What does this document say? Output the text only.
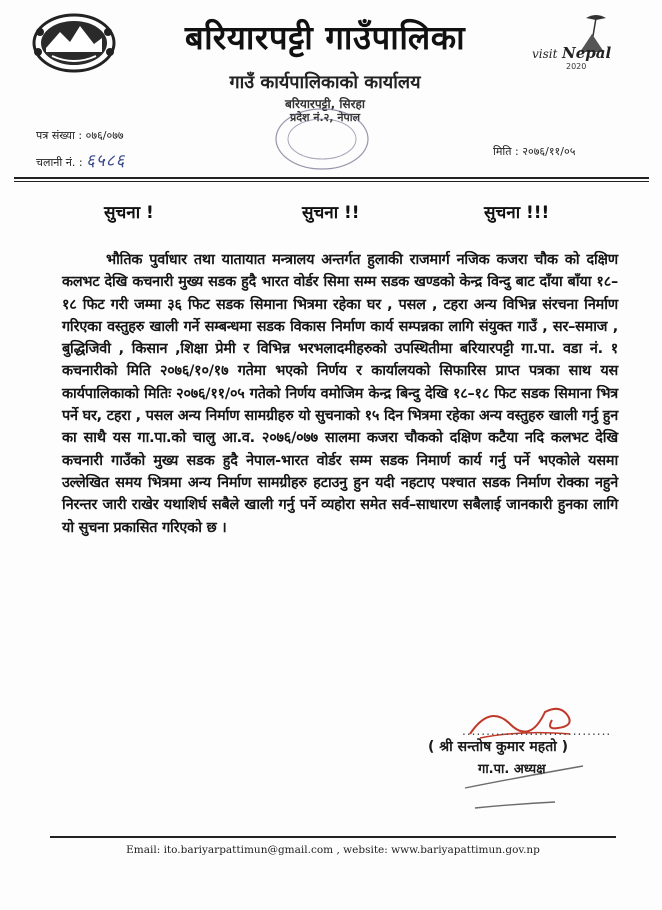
बरियारपट्टी गाउँपालिका
गाउँ कार्यपालिकाको कार्यालय
बरियारपट्टी, सिरहा
प्रदेश नं.२, नेपाल
visit Nepal
2020
पत्र संख्या : ०७६/०७७
चलानी नं. : ६५८६	मिति : २०७६/११/०५
सुचना !	सुचना !!	सुचना !!!
भौतिक पुर्वाधार तथा यातायात मन्त्रालय अन्तर्गत हुलाकी राजमार्ग नजिक कजरा चौक को दक्षिण कलभट देखि कचनारी मुख्य सडक हुदै भारत वोर्डर सिमा सम्म सडक खण्डको केन्द्र विन्दु बाट दाँया बाँया १८–१८ फिट गरी जम्मा ३६ फिट सडक सिमाना भित्रमा रहेका घर , पसल , टहरा अन्य विभिन्न संरचना निर्माण गरिएका वस्तुहरु खाली गर्ने सम्बन्धमा सडक विकास निर्माण कार्य सम्पन्नका लागि संयुक्त गाउँ , सर–समाज , बुद्धिजिवी , किसान ,शिक्षा प्रेमी र विभिन्न भरभलादमीहरुको उपस्थितीमा बरियारपट्टी गा.पा. वडा नं. १ कचनारीको मिति २०७६/१०/१७ गतेमा भएको निर्णय र कार्यालयको सिफारिस प्राप्त पत्रका साथ यस कार्यपालिकाको मितिः २०७६/११/०५ गतेको निर्णय वमोजिम केन्द्र बिन्दु देखि १८–१८ फिट सडक सिमाना भित्र पर्ने घर, टहरा , पसल अन्य निर्माण सामग्रीहरु यो सुचनाको १५ दिन भित्रमा रहेका अन्य वस्तुहरु खाली गर्नु हुन का साथै यस गा.पा.को चालु आ.व. २०७६/०७७ सालमा कजरा चौकको दक्षिण कटैया नदि कलभट देखि कचनारी गाउँको मुख्य सडक हुदै नेपाल-भारत वोर्डर सम्म सडक निमार्ण कार्य गर्नु पर्ने भएकोले यसमा उल्लेखित समय भित्रमा अन्य निर्माण सामग्रीहरु हटाउनु हुन यदी नहटाए पश्चात सडक निर्माण रोक्का नहुने निरन्तर जारी राखेर यथाशिर्घ सबैले खाली गर्नु पर्ने व्यहोरा समेत सर्व–साधारण सबैलाई जानकारी हुनका लागि यो सुचना प्रकासित गरिएको छ ।
...............................
( श्री सन्तोष कुमार महतो )
गा.पा. अध्यक्ष
Email: ito.bariyarpattimun@gmail.com , website: www.bariyapattimun.gov.np
